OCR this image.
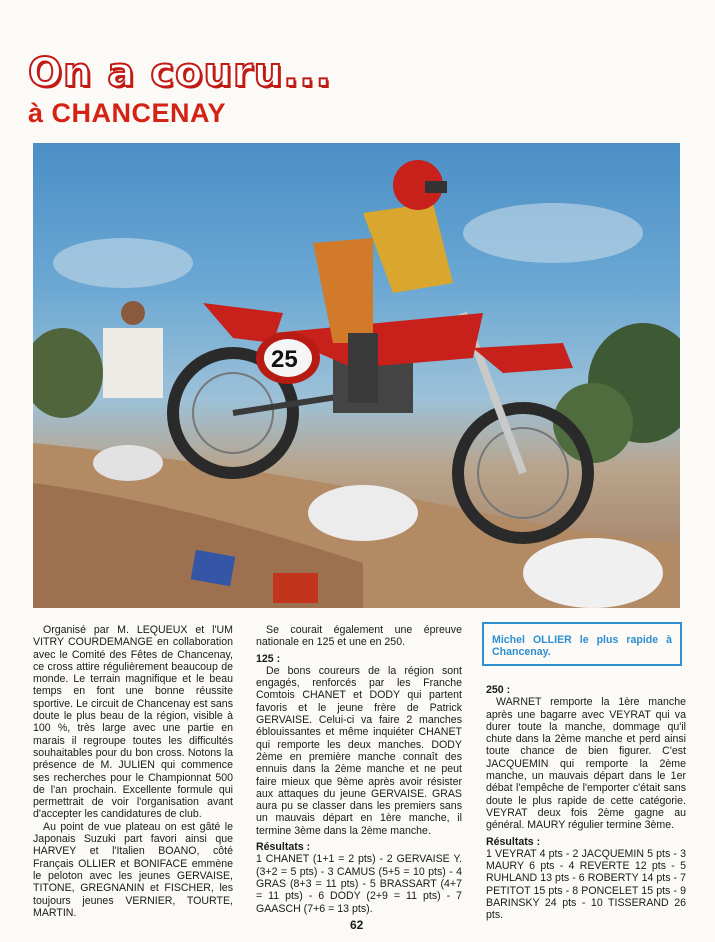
On a couru...
à CHANCENAY
25

Organisé par M. LEQUEUX et l'UM VITRY COURDEMANGE en collaboration avec le Comité des Fêtes de Chancenay, ce cross attire régulièrement beaucoup de monde. Le terrain magnifique et le beau temps en font une bonne réussite sportive. Le circuit de Chancenay est sans doute le plus beau de la région, visible à 100 %, très large avec une partie en marais il regroupe toutes les difficultés souhaitables pour du bon cross. Notons la présence de M. JULIEN qui commence ses recherches pour le Championnat 500 de l'an prochain. Excellente formule qui permettrait de voir l'organisation avant d'accepter les candidatures de club.

Au point de vue plateau on est gâté le Japonais Suzuki part favori ainsi que HARVEY et l'Italien BOANO, côté Français OLLIER et BONIFACE emmène le peloton avec les jeunes GERVAISE, TITONE, GREGNANIN et FISCHER, les toujours jeunes VERNIER, TOURTE, MARTIN.

Se courait également une épreuve nationale en 125 et une en 250.

125 :

De bons coureurs de la région sont engagés, renforcés par les Franche Comtois CHANET et DODY qui partent favoris et le jeune frère de Patrick GERVAISE. Celui-ci va faire 2 manches éblouissantes et même inquiéter CHANET qui remporte les deux manches. DODY 2ème en première manche connaît des ennuis dans la 2ème manche et ne peut faire mieux que 9ème après avoir résister aux attaques du jeune GERVAISE. GRAS aura pu se classer dans les premiers sans un mauvais départ en 1ère manche, il termine 3ème dans la 2ème manche.

Résultats :

1 CHANET (1+1 = 2 pts) - 2 GERVAISE Y. (3+2 = 5 pts) - 3 CAMUS (5+5 = 10 pts) - 4 GRAS (8+3 = 11 pts) - 5 BRASSART (4+7 = 11 pts) - 6 DODY (2+9 = 11 pts) - 7 GAASCH (7+6 = 13 pts).

Michel OLLIER le plus rapide à Chancenay.

250 :

WARNET remporte la 1ère manche après une bagarre avec VEYRAT qui va durer toute la manche, dommage qu'il chute dans la 2ème manche et perd ainsi toute chance de bien figurer. C'est JACQUEMIN qui remporte la 2ème manche, un mauvais départ dans le 1er débat l'empêche de l'emporter c'était sans doute le plus rapide de cette catégorie. VEYRAT deux fois 2ème gagne au général. MAURY régulier termine 3ème.

Résultats :

1 VEYRAT 4 pts - 2 JACQUEMIN 5 pts - 3 MAURY 6 pts - 4 REVERTE 12 pts - 5 RUHLAND 13 pts - 6 ROBERTY 14 pts - 7 PETITOT 15 pts - 8 PONCELET 15 pts - 9 BARINSKY 24 pts - 10 TISSERAND 26 pts.

62
